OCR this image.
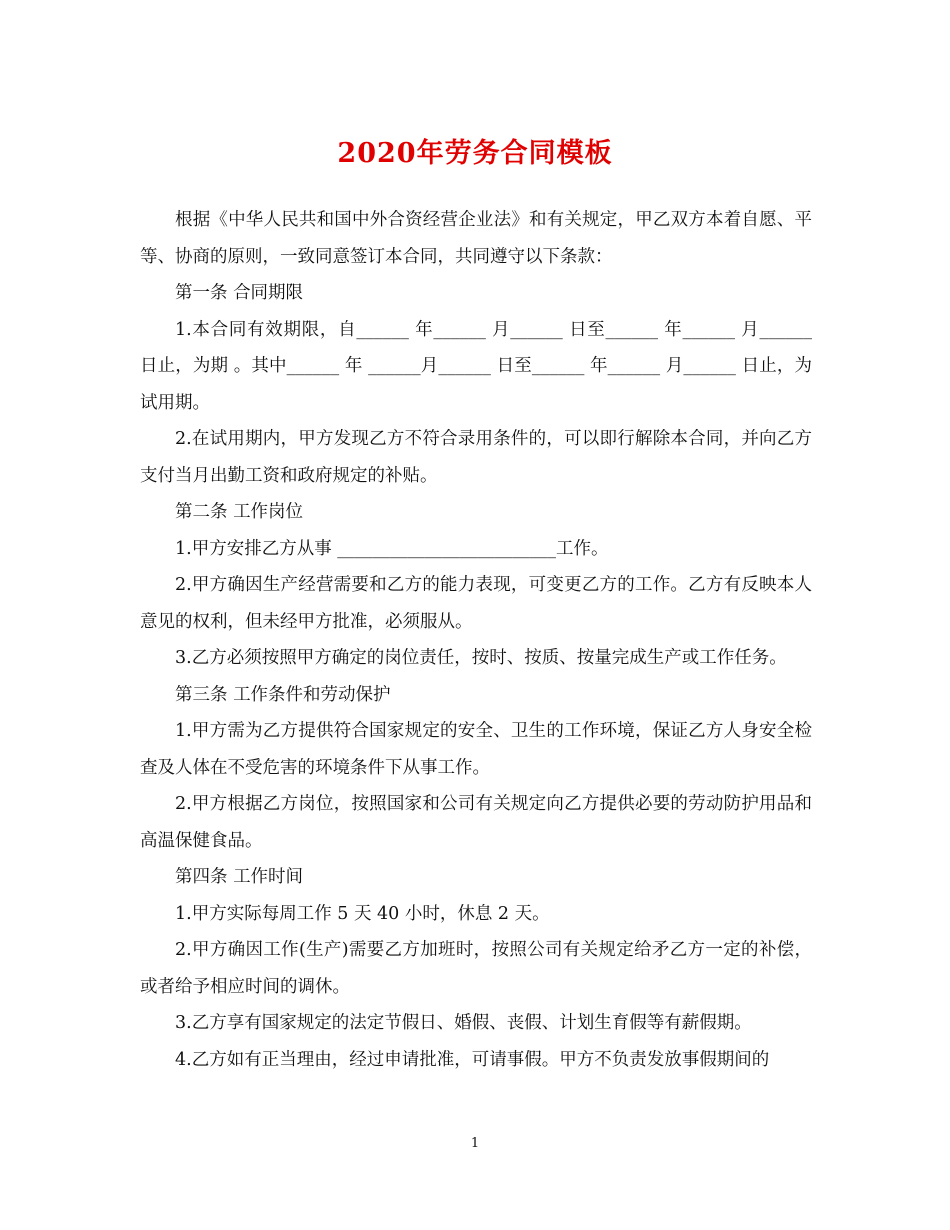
2020年劳务合同模板

根据《中华人民共和国中外合资经营企业法》和有关规定，甲乙双方本着自愿、平等、协商的原则，一致同意签订本合同，共同遵守以下条款：

第一条 合同期限

1.本合同有效期限，自______ 年______ 月______ 日至______ 年______ 月______日止，为期 。其中______ 年 ______月______ 日至______ 年______ 月______ 日止，为试用期。

2.在试用期内，甲方发现乙方不符合录用条件的，可以即行解除本合同，并向乙方支付当月出勤工资和政府规定的补贴。

第二条 工作岗位

1.甲方安排乙方从事 _________________________工作。

2.甲方确因生产经营需要和乙方的能力表现，可变更乙方的工作。乙方有反映本人意见的权利，但未经甲方批准，必须服从。

3.乙方必须按照甲方确定的岗位责任，按时、按质、按量完成生产或工作任务。

第三条 工作条件和劳动保护

1.甲方需为乙方提供符合国家规定的安全、卫生的工作环境，保证乙方人身安全检查及人体在不受危害的环境条件下从事工作。

2.甲方根据乙方岗位，按照国家和公司有关规定向乙方提供必要的劳动防护用品和高温保健食品。

第四条 工作时间

1.甲方实际每周工作 5 天 40 小时，休息 2 天。

2.甲方确因工作(生产)需要乙方加班时，按照公司有关规定给矛乙方一定的补偿，或者给予相应时间的调休。

3.乙方享有国家规定的法定节假日、婚假、丧假、计划生育假等有薪假期。

4.乙方如有正当理由，经过申请批准，可请事假。甲方不负责发放事假期间的

1
